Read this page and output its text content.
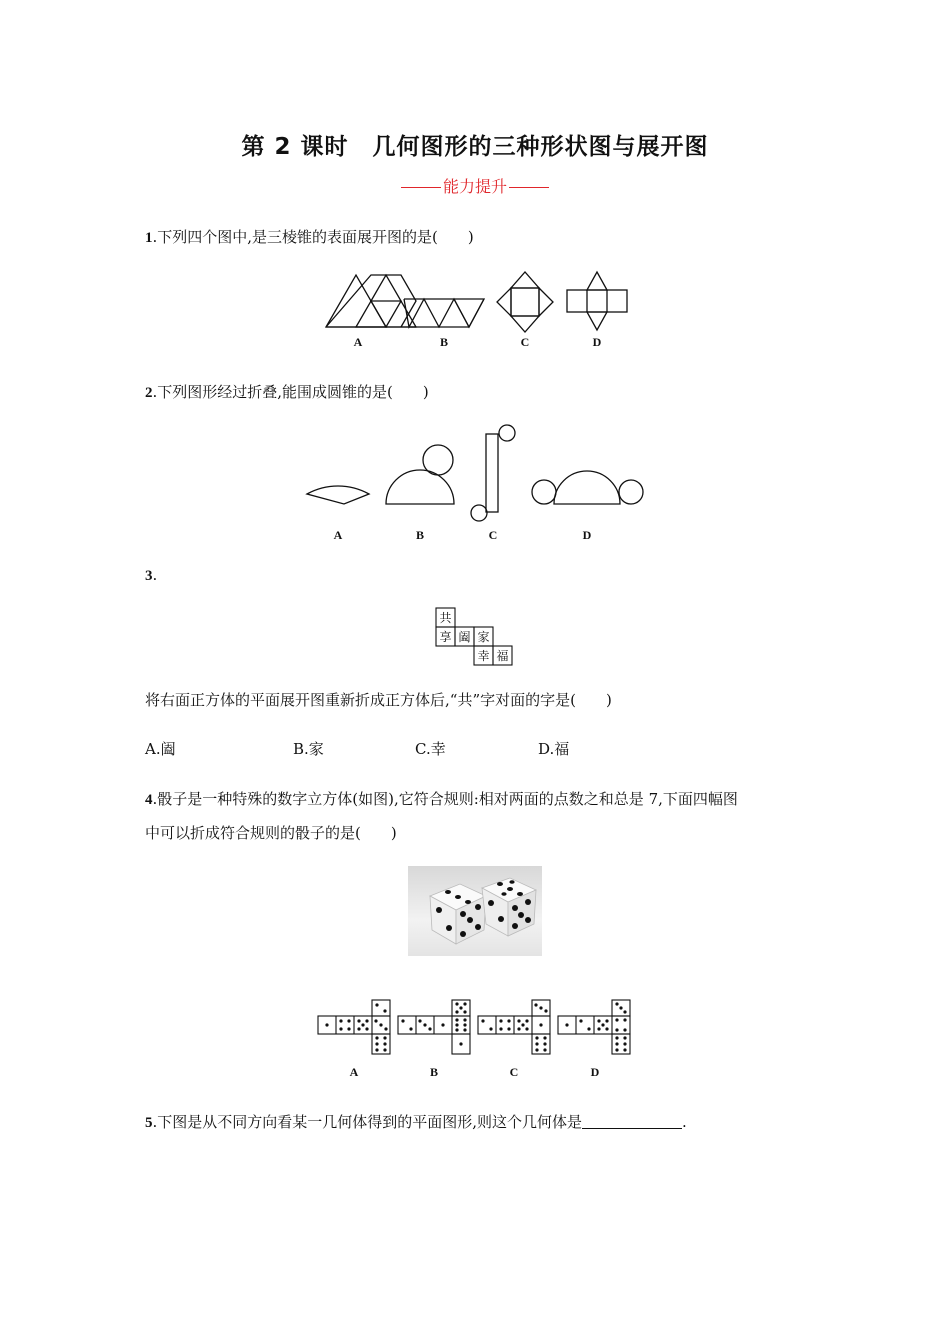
第 2 课时　几何图形的三种形状图与展开图
能力提升
1.下列四个图中,是三棱锥的表面展开图的是(　　)
A	B	C	D
2.下列图形经过折叠,能围成圆锥的是(　　)
A	B	C	D
3.
共
享 阖 家
幸 福
将右面正方体的平面展开图重新折成正方体后,“共”字对面的字是(　　)
A.阖	B.家	C.幸	D.福
4.骰子是一种特殊的数字立方体(如图),它符合规则:相对两面的点数之和总是 7,下面四幅图
中可以折成符合规则的骰子的是(　　)
A	B	C	D
5.下图是从不同方向看某一几何体得到的平面图形,则这个几何体是	.
